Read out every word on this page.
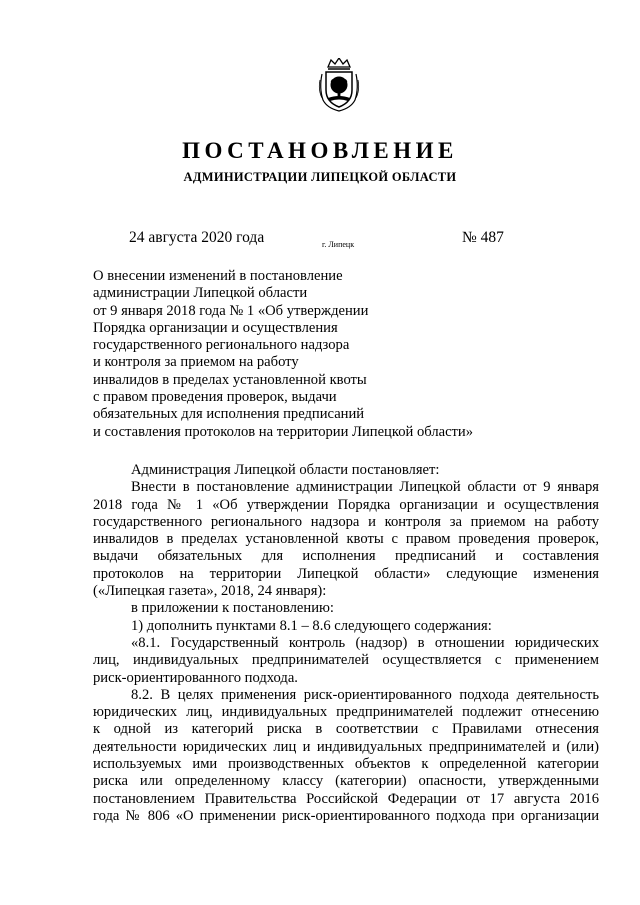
ПОСТАНОВЛЕНИЕ
АДМИНИСТРАЦИИ ЛИПЕЦКОЙ ОБЛАСТИ
24 августа 2020 года	г. Липецк	№ 487
О внесении изменений в постановление
администрации Липецкой области
от 9 января 2018 года № 1 «Об утверждении
Порядка организации и осуществления
государственного регионального надзора
и контроля за приемом на работу
инвалидов в пределах установленной квоты
с правом проведения проверок, выдачи
обязательных для исполнения предписаний
и составления протоколов на территории Липецкой области»
Администрация Липецкой области постановляет:
Внести в постановление администрации Липецкой области от 9 января
2018 года № 1 «Об утверждении Порядка организации и осуществления
государственного регионального надзора и контроля за приемом на работу
инвалидов в пределах установленной квоты с правом проведения проверок,
выдачи обязательных для исполнения предписаний и составления
протоколов на территории Липецкой области» следующие изменения
(«Липецкая газета», 2018, 24 января):
в приложении к постановлению:
1) дополнить пунктами 8.1 – 8.6 следующего содержания:
«8.1. Государственный контроль (надзор) в отношении юридических
лиц, индивидуальных предпринимателей осуществляется с применением
риск-ориентированного подхода.
8.2. В целях применения риск-ориентированного подхода деятельность
юридических лиц, индивидуальных предпринимателей подлежит отнесению
к одной из категорий риска в соответствии с Правилами отнесения
деятельности юридических лиц и индивидуальных предпринимателей и (или)
используемых ими производственных объектов к определенной категории
риска или определенному классу (категории) опасности, утвержденными
постановлением Правительства Российской Федерации от 17 августа 2016
года № 806 «О применении риск-ориентированного подхода при организации
